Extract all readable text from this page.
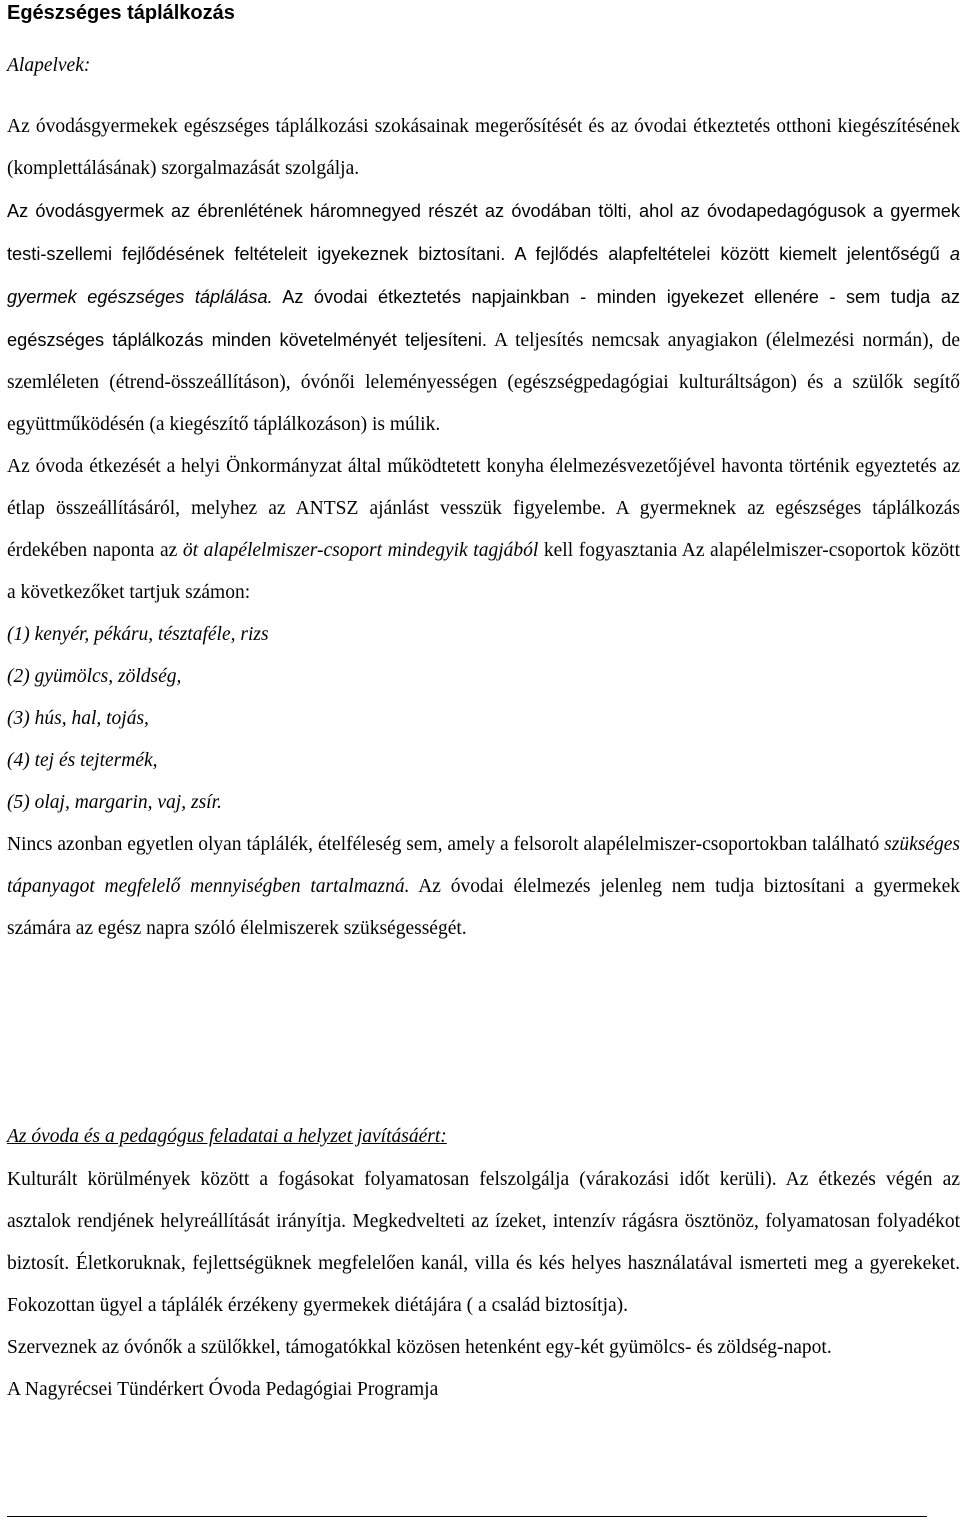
Egészséges táplálkozás
Alapelvek:

Az óvodásgyermekek egészséges táplálkozási szokásainak megerősítését és az óvodai étkeztetés otthoni kiegészítésének (komplettálásának) szorgalmazását szolgálja.

Az óvodásgyermek az ébrenlétének háromnegyed részét az óvodában tölti, ahol az óvodapedagógusok a gyermek testi-szellemi fejlődésének feltételeit igyekeznek biztosítani. A fejlődés alapfeltételei között kiemelt jelentőségű a gyermek egészséges táplálása. Az óvodai étkeztetés napjainkban - minden igyekezet ellenére - sem tudja az egészséges táplálkozás minden követelményét teljesíteni. A teljesítés nemcsak anyagiakon (élelmezési normán), de szemléleten (étrend-összeállításon), óvónői leleményességen (egészségpedagógiai kulturáltságon) és a szülők segítő együttműködésén (a kiegészítő táplálkozáson) is múlik.

Az óvoda étkezését a helyi Önkormányzat által működtetett konyha élelmezésvezetőjével havonta történik egyeztetés az étlap összeállításáról, melyhez az ANTSZ ajánlást vesszük figyelembe. A gyermeknek az egészséges táplálkozás érdekében naponta az öt alapélelmiszer-csoport mindegyik tagjából kell fogyasztania Az alapélelmiszer-csoportok között a következőket tartjuk számon:

(1) kenyér, pékáru, tésztaféle, rizs
(2) gyümölcs, zöldség,
(3) hús, hal, tojás,
(4) tej és tejtermék,
(5) olaj, margarin, vaj, zsír.

Nincs azonban egyetlen olyan táplálék, ételféleség sem, amely a felsorolt alapélelmiszer-csoportokban található szükséges tápanyagot megfelelő mennyiségben tartalmazná. Az óvodai élelmezés jelenleg nem tudja biztosítani a gyermekek számára az egész napra szóló élelmiszerek szükségességét.

Az óvoda és a pedagógus feladatai a helyzet javításáért:

Kulturált körülmények között a fogásokat folyamatosan felszolgálja (várakozási időt kerüli). Az étkezés végén az asztalok rendjének helyreállítását irányítja. Megkedvelteti az ízeket, intenzív rágásra ösztönöz, folyamatosan folyadékot biztosít. Életkoruknak, fejlettségüknek megfelelően kanál, villa és kés helyes használatával ismerteti meg a gyerekeket. Fokozottan ügyel a táplálék érzékeny gyermekek diétájára ( a család biztosítja).

Szerveznek az óvónők a szülőkkel, támogatókkal közösen hetenként egy-két gyümölcs- és zöldség-napot.

A Nagyrécsei Tündérkert Óvoda Pedagógiai Programja
